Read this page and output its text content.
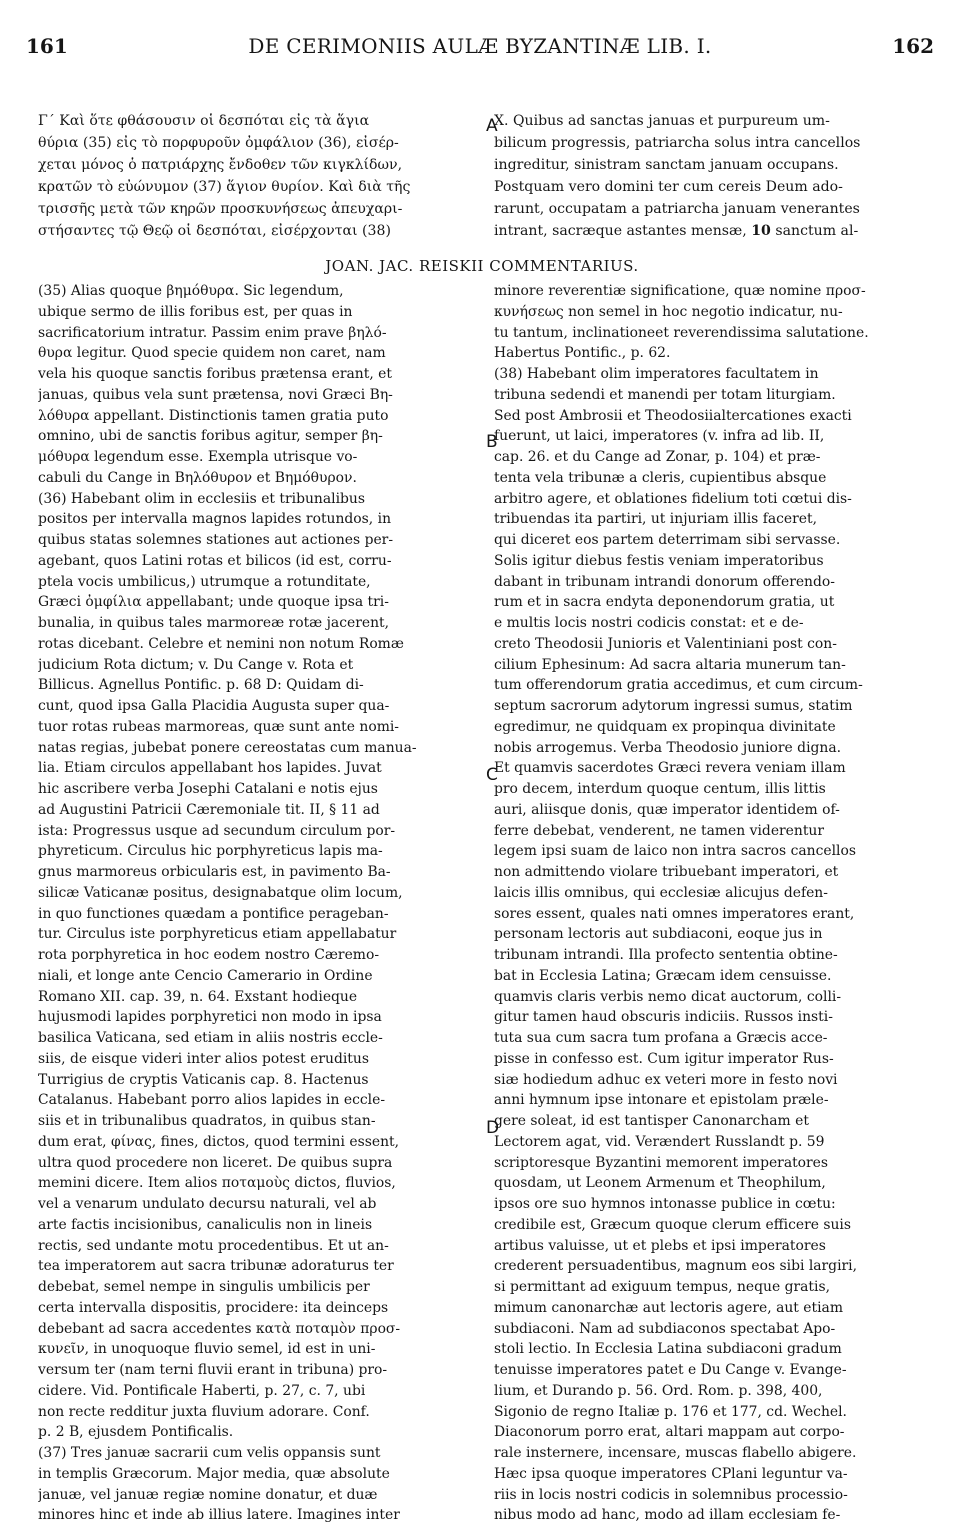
161	DE CERIMONIIS AULÆ BYZANTINÆ LIB. I.	162

Γ΄ Καὶ ὅτε φθάσουσιν οἱ δεσπόται εἰς τὰ ἅγια
θύρια (35) εἰς τὸ πορφυροῦν ὀμφάλιον (36), εἰσέρ-
χεται μόνος ὁ πατριάρχης ἔνδοθεν τῶν κιγκλίδων,
κρατῶν τὸ εὐώνυμον (37) ἅγιον θυρίον. Καὶ διὰ τῆς
τρισσῆς μετὰ τῶν κηρῶν προσκυνήσεως ἀπευχαρι-
στήσαντες τῷ Θεῷ οἱ δεσπόται, εἰσέρχονται (38)
X. Quibus ad sanctas januas et purpureum um-
bilicum progressis, patriarcha solus intra cancellos
ingreditur, sinistram sanctam januam occupans.
Postquam vero domini ter cum cereis Deum ado-
rarunt, occupatam a patriarcha januam venerantes
intrant, sacræque astantes mensæ, 10 sanctum al-
A
JOAN. JAC. REISKII COMMENTARIUS.
(35) Alias quoque βημόθυρα. Sic legendum,
ubique sermo de illis foribus est, per quas in
sacrificatorium intratur. Passim enim prave βηλό-
θυρα legitur. Quod specie quidem non caret, nam
vela his quoque sanctis foribus prætensa erant, et
januas, quibus vela sunt prætensa, novi Græci Βη-
λόθυρα appellant. Distinctionis tamen gratia puto
omnino, ubi de sanctis foribus agitur, semper βη-
μόθυρα legendum esse. Exempla utrisque vo-
cabuli du Cange in Βηλόθυρον et Βημόθυρον.
(36) Habebant olim in ecclesiis et tribunalibus
positos per intervalla magnos lapides rotundos, in
quibus statas solemnes stationes aut actiones per-
agebant, quos Latini rotas et bilicos (id est, corru-
ptela vocis umbilicus,) utrumque a rotunditate,
Græci ὀμφίλια appellabant; unde quoque ipsa tri-
bunalia, in quibus tales marmoreæ rotæ jacerent,
rotas dicebant. Celebre et nemini non notum Romæ
judicium Rota dictum; v. Du Cange v. Rota et
Billicus. Agnellus Pontific. p. 68 D: Quidam di-
cunt, quod ipsa Galla Placidia Augusta super qua-
tuor rotas rubeas marmoreas, quæ sunt ante nomi-
natas regias, jubebat ponere cereostatas cum manua-
lia. Etiam circulos appellabant hos lapides. Juvat
hic ascribere verba Josephi Catalani e notis ejus
ad Augustini Patricii Cæremoniale tit. II, § 11 ad
ista: Progressus usque ad secundum circulum por-
phyreticum. Circulus hic porphyreticus lapis ma-
gnus marmoreus orbicularis est, in pavimento Ba-
silicæ Vaticanæ positus, designabatque olim locum,
in quo functiones quædam a pontifice perageban-
tur. Circulus iste porphyreticus etiam appellabatur
rota porphyretica in hoc eodem nostro Cæremo-
niali, et longe ante Cencio Camerario in Ordine
Romano XII. cap. 39, n. 64. Exstant hodieque
hujusmodi lapides porphyretici non modo in ipsa
basilica Vaticana, sed etiam in aliis nostris eccle-
siis, de eisque videri inter alios potest eruditus
Turrigius de cryptis Vaticanis cap. 8. Hactenus
Catalanus. Habebant porro alios lapides in eccle-
siis et in tribunalibus quadratos, in quibus stan-
dum erat, φίνας, fines, dictos, quod termini essent,
ultra quod procedere non liceret. De quibus supra
memini dicere. Item alios ποταμοὺς dictos, fluvios,
vel a venarum undulato decursu naturali, vel ab
arte factis incisionibus, canaliculis non in lineis
rectis, sed undante motu procedentibus. Et ut an-
tea imperatorem aut sacra tribunæ adoraturus ter
debebat, semel nempe in singulis umbilicis per
certa intervalla dispositis, procidere: ita deinceps
debebant ad sacra accedentes κατὰ ποταμὸν προσ-
κυνεῖν, in unoquoque fluvio semel, id est in uni-
versum ter (nam terni fluvii erant in tribuna) pro-
cidere. Vid. Pontificale Haberti, p. 27, c. 7, ubi
non recte redditur juxta fluvium adorare. Conf.
p. 2 B, ejusdem Pontificalis.
(37) Tres januæ sacrarii cum velis oppansis sunt
in templis Græcorum. Major media, quæ absolute
januæ, vel januæ regiæ nomine donatur, et duæ
minores hinc et inde ab illius latere. Imagines inter
minore reverentiæ significatione, quæ nomine προσ-
κυνήσεως non semel in hoc negotio indicatur, nu-
tu tantum, inclinationeet reverendissima salutatione.
Habertus Pontific., p. 62.
(38) Habebant olim imperatores facultatem in
tribuna sedendi et manendi per totam liturgiam.
Sed post Ambrosii et Theodosiialtercationes exacti
fuerunt, ut laici, imperatores (v. infra ad lib. II,
cap. 26. et du Cange ad Zonar, p. 104) et præ-
tenta vela tribunæ a cleris, cupientibus absque
arbitro agere, et oblationes fidelium toti cœtui dis-
tribuendas ita partiri, ut injuriam illis faceret,
qui diceret eos partem deterrimam sibi servasse.
Solis igitur diebus festis veniam imperatoribus
dabant in tribunam intrandi donorum offerendo-
rum et in sacra endyta deponendorum gratia, ut
e multis locis nostri codicis constat: et e de-
creto Theodosii Junioris et Valentiniani post con-
cilium Ephesinum: Ad sacra altaria munerum tan-
tum offerendorum gratia accedimus, et cum circum-
septum sacrorum adytorum ingressi sumus, statim
egredimur, ne quidquam ex propinqua divinitate
nobis arrogemus. Verba Theodosio juniore digna.
Et quamvis sacerdotes Græci revera veniam illam
pro decem, interdum quoque centum, illis littis
auri, aliisque donis, quæ imperator identidem of-
ferre debebat, venderent, ne tamen viderentur
legem ipsi suam de laico non intra sacros cancellos
non admittendo violare tribuebant imperatori, et
laicis illis omnibus, qui ecclesiæ alicujus defen-
sores essent, quales nati omnes imperatores erant,
personam lectoris aut subdiaconi, eoque jus in
tribunam intrandi. Illa profecto sententia obtine-
bat in Ecclesia Latina; Græcam idem censuisse.
quamvis claris verbis nemo dicat auctorum, colli-
gitur tamen haud obscuris indiciis. Russos insti-
tuta sua cum sacra tum profana a Græcis acce-
pisse in confesso est. Cum igitur imperator Rus-
siæ hodiedum adhuc ex veteri more in festo novi
anni hymnum ipse intonare et epistolam præle-
gere soleat, id est tantisper Canonarcham et
Lectorem agat, vid. Verændert Russlandt p. 59
scriptoresque Byzantini memorent imperatores
quosdam, ut Leonem Armenum et Theophilum,
ipsos ore suo hymnos intonasse publice in cœtu:
credibile est, Græcum quoque clerum efficere suis
artibus valuisse, ut et plebs et ipsi imperatores
crederent persuadentibus, magnum eos sibi largiri,
si permittant ad exiguum tempus, neque gratis,
mimum canonarchæ aut lectoris agere, aut etiam
subdiaconi. Nam ad subdiaconos spectabat Apo-
stoli lectio. In Ecclesia Latina subdiaconi gradum
tenuisse imperatores patet e Du Cange v. Evange-
lium, et Durando p. 56. Ord. Rom. p. 398, 400,
Sigonio de regno Italiæ p. 176 et 177, cd. Wechel.
Diaconorum porro erat, altari mappam aut corpo-
rale insternere, incensare, muscas flabello abigere.
Hæc ipsa quoque imperatores CPlani leguntur va-
riis in locis nostri codicis in solemnibus processio-
nibus modo ad hanc, modo ad illam ecclesiam fe-
B
C
D
